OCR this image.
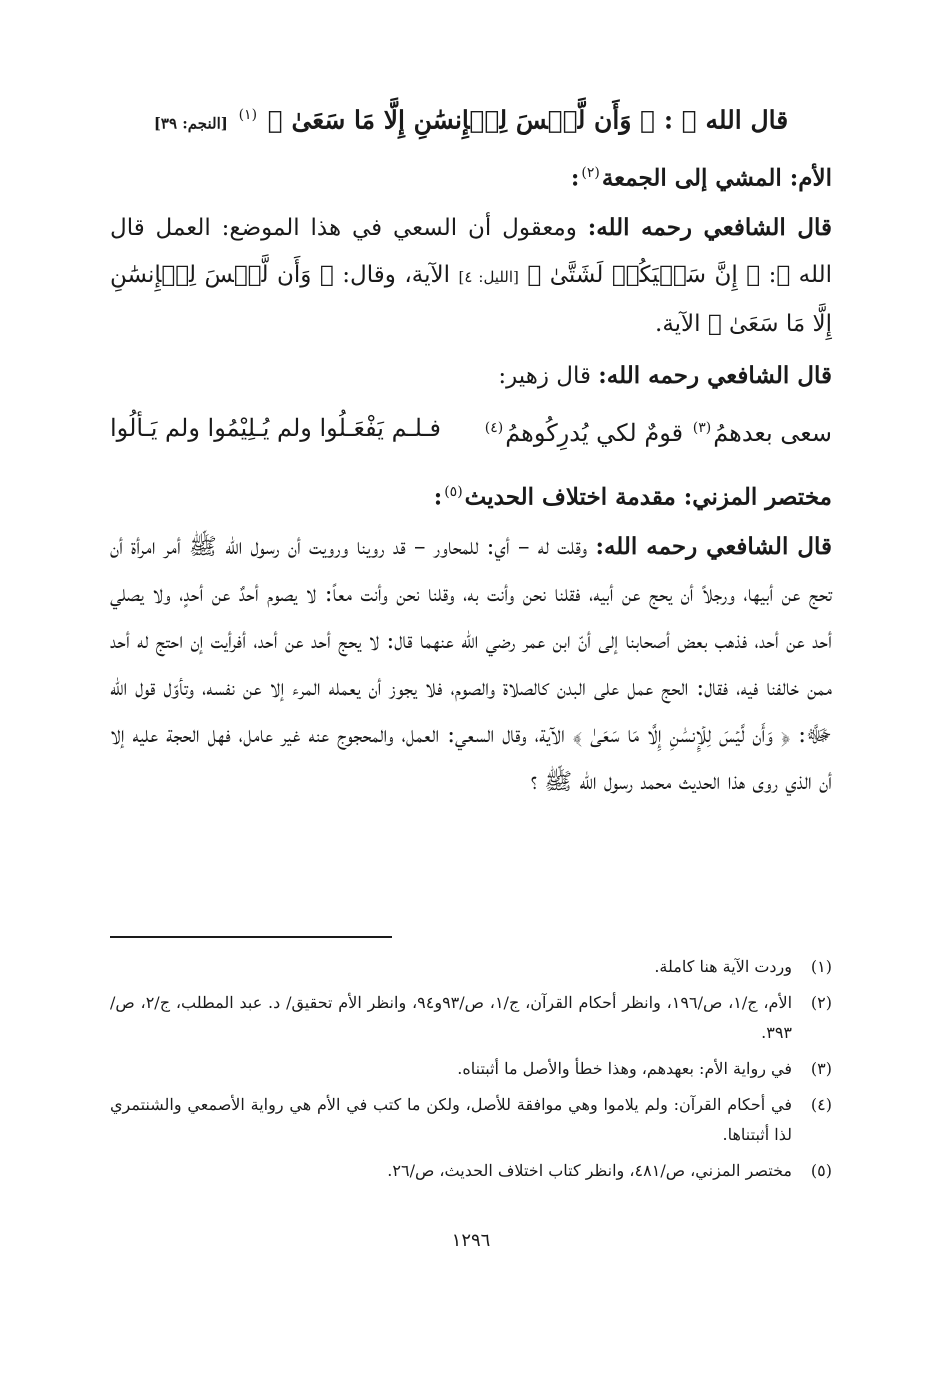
قال الله ﷻ : ﴿ وَأَن لَّيۡسَ لِلۡإِنسَٰنِ إِلَّا مَا سَعَىٰ ﴾ $^{(١)}$ [النجم: ٣٩]
الأم: المشي إلى الجمعة$^{(٢)}$:

قال الشافعي رحمه الله: ومعقول أن السعي في هذا الموضع: العمل قال الله ﷻ: ﴿ إِنَّ سَعۡيَكُمۡ لَشَتَّىٰ ﴾ [الليل: ٤] الآية، وقال: ﴿ وَأَن لَّيۡسَ لِلۡإِنسَٰنِ إِلَّا مَا سَعَىٰ ﴾ الآية.

قال الشافعي رحمه الله: قال زهير:

سعى بعدهمُ(٣) قومٌ لكي يُدرِكُوهمُ(٤)
فـلـم يَفْعَـلُوا ولم يُـلِيْمُوا ولم يَـألُوا
مختصر المزني: مقدمة اختلاف الحديث$^{(٥)}$:

قال الشافعي رحمه الله: وقلت له – أي: للمحاور – قد روينا ورويت أن رسول الله ﷺ أمر امرأة أن تحج عن أبيها، ورجلاً أن يحج عن أبيه، فقلنا نحن وأنت به، وقلنا نحن وأنت معاً: لا يصوم أحدٌ عن أحدٍ، ولا يصلي أحد عن أحد، فذهب بعض أصحابنا إلى أنّ ابن عمر رضي الله عنهما قال: لا يحج أحد عن أحد، أفرأيت إن احتج له أحد ممن خالفنا فيه، فقال: الحج عمل على البدن كالصلاة والصوم، فلا يجوز أن يعمله المرء إلا عن نفسه، وتأوّل قول الله ﷻ: ﴿ وَأَن لَّيۡسَ لِلۡإِنسَٰنِ إِلَّا مَا سَعَىٰ ﴾ الآية، وقال السعي: العمل، والمحجوج عنه غير عامل، فهل الحجة عليه إلا أن الذي روى هذا الحديث محمد رسول الله ﷺ ؟

(١)
وردت الآية هنا كاملة.
(٢)
الأم، ج/١، ص/١٩٦، وانظر أحكام القرآن، ج/١، ص/٩٣و٩٤، وانظر الأم تحقيق/ د. عبد المطلب، ج/٢، ص/٣٩٣.
(٣)
في رواية الأم: بعهدهم، وهذا خطأ والأصل ما أثبتناه.
(٤)
في أحكام القرآن: ولم يلاموا وهي موافقة للأصل، ولكن ما كتب في الأم هي رواية الأصمعي والشنتمري لذا أثبتناها.
(٥)
مختصر المزني، ص/٤٨١، وانظر كتاب اختلاف الحديث، ص/٢٦.
١٢٩٦
